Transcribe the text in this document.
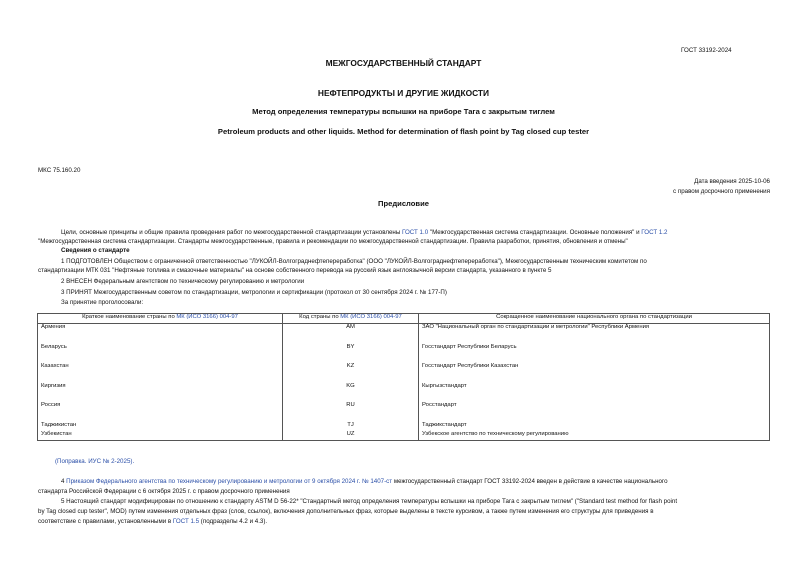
ГОСТ 33192-2024
МЕЖГОСУДАРСТВЕННЫЙ СТАНДАРТ
НЕФТЕПРОДУКТЫ И ДРУГИЕ ЖИДКОСТИ
Метод определения температуры вспышки на приборе Тага с закрытым тиглем
Petroleum products and other liquids. Method for determination of flash point by Tag closed cup tester
МКС 75.160.20
Дата введения 2025-10-06
с правом досрочного применения
Предисловие
Цели, основные принципы и общие правила проведения работ по межгосударственной стандартизации установлены ГОСТ 1.0 "Межгосударственная система стандартизации. Основные положения" и ГОСТ 1.2
"Межгосударственная система стандартизации. Стандарты межгосударственные, правила и рекомендации по межгосударственной стандартизации. Правила разработки, принятия, обновления и отмены"
Сведения о стандарте
1 ПОДГОТОВЛЕН Обществом с ограниченной ответственностью "ЛУКОЙЛ-Волгограднефтепереработка" (ООО "ЛУКОЙЛ-Волгограднефтепереработка"), Межгосударственным техническим комитетом по
стандартизации МТК 031 "Нефтяные топлива и смазочные материалы" на основе собственного перевода на русский язык англоязычной версии стандарта, указанного в пункте 5
2 ВНЕСЕН Федеральным агентством по техническому регулированию и метрологии
3 ПРИНЯТ Межгосударственным советом по стандартизации, метрологии и сертификации (протокол от 30 сентября 2024 г. № 177-П)
За принятие проголосовали:
Краткое наименование страны по МК (ИСО 3166) 004-97	Код страны по МК (ИСО 3166) 004-97	Сокращенное наименование национального органа по стандартизации
Армения	AM	ЗАО "Национальный орган по стандартизации и метрологии" Республики Армения
Беларусь	BY	Госстандарт Республики Беларусь
Казахстан	KZ	Госстандарт Республики Казахстан
Киргизия	KG	Кыргызстандарт
Россия	RU	Росстандарт
Таджикистан	TJ	Таджикстандарт
Узбекистан	UZ	Узбекское агентство по техническому регулированию
(Поправка. ИУС № 2-2025).
4 Приказом Федерального агентства по техническому регулированию и метрологии от 9 октября 2024 г. № 1407-ст межгосударственный стандарт ГОСТ 33192-2024 введен в действие в качестве национального
стандарта Российской Федерации с 6 октября 2025 г. с правом досрочного применения
5 Настоящий стандарт модифицирован по отношению к стандарту ASTM D 56-22* "Стандартный метод определения температуры вспышки на приборе Тага с закрытым тиглем" ("Standard test method for flash point
by Tag closed cup tester", MOD) путем изменения отдельных фраз (слов, ссылок), включения дополнительных фраз, которые выделены в тексте курсивом, а также путем изменения его структуры для приведения в
соответствие с правилами, установленными в ГОСТ 1.5 (подразделы 4.2 и 4.3).
